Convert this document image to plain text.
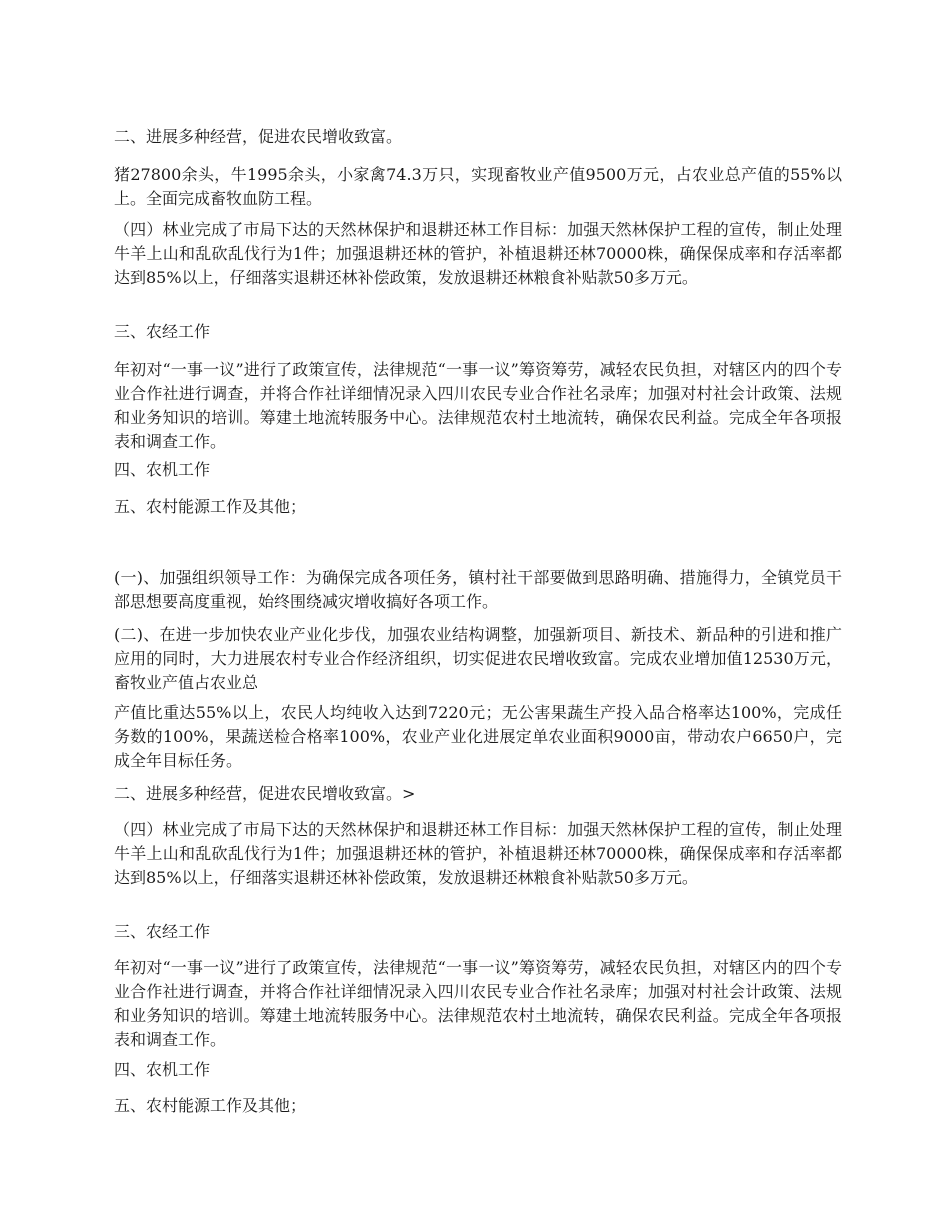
二、进展多种经营，促进农民增收致富。

猪27800余头，牛1995余头，小家禽74.3万只，实现畜牧业产值9500万元，占农业总产值的55%以上。全面完成畜牧血防工程。

（四）林业完成了市局下达的天然林保护和退耕还林工作目标：加强天然林保护工程的宣传，制止处理牛羊上山和乱砍乱伐行为1件；加强退耕还林的管护，补植退耕还林70000株，确保保成率和存活率都达到85%以上，仔细落实退耕还林补偿政策，发放退耕还林粮食补贴款50多万元。

三、农经工作

年初对“一事一议”进行了政策宣传，法律规范“一事一议”筹资筹劳，减轻农民负担，对辖区内的四个专业合作社进行调查，并将合作社详细情况录入四川农民专业合作社名录库；加强对村社会计政策、法规和业务知识的培训。筹建土地流转服务中心。法律规范农村土地流转，确保农民利益。完成全年各项报表和调查工作。

四、农机工作

五、农村能源工作及其他；

(一)、加强组织领导工作：为确保完成各项任务，镇村社干部要做到思路明确、措施得力，全镇党员干部思想要高度重视，始终围绕减灾增收搞好各项工作。

(二)、在进一步加快农业产业化步伐，加强农业结构调整，加强新项目、新技术、新品种的引进和推广应用的同时，大力进展农村专业合作经济组织，切实促进农民增收致富。完成农业增加值12530万元，畜牧业产值占农业总

产值比重达55%以上，农民人均纯收入达到7220元；无公害果蔬生产投入品合格率达100%，完成任务数的100%，果蔬送检合格率100%，农业产业化进展定单农业面积9000亩，带动农户6650户，完成全年目标任务。

二、进展多种经营，促进农民增收致富。>

（四）林业完成了市局下达的天然林保护和退耕还林工作目标：加强天然林保护工程的宣传，制止处理牛羊上山和乱砍乱伐行为1件；加强退耕还林的管护，补植退耕还林70000株，确保保成率和存活率都达到85%以上，仔细落实退耕还林补偿政策，发放退耕还林粮食补贴款50多万元。

三、农经工作

年初对“一事一议”进行了政策宣传，法律规范“一事一议”筹资筹劳，减轻农民负担，对辖区内的四个专业合作社进行调查，并将合作社详细情况录入四川农民专业合作社名录库；加强对村社会计政策、法规和业务知识的培训。筹建土地流转服务中心。法律规范农村土地流转，确保农民利益。完成全年各项报表和调查工作。

四、农机工作

五、农村能源工作及其他；
